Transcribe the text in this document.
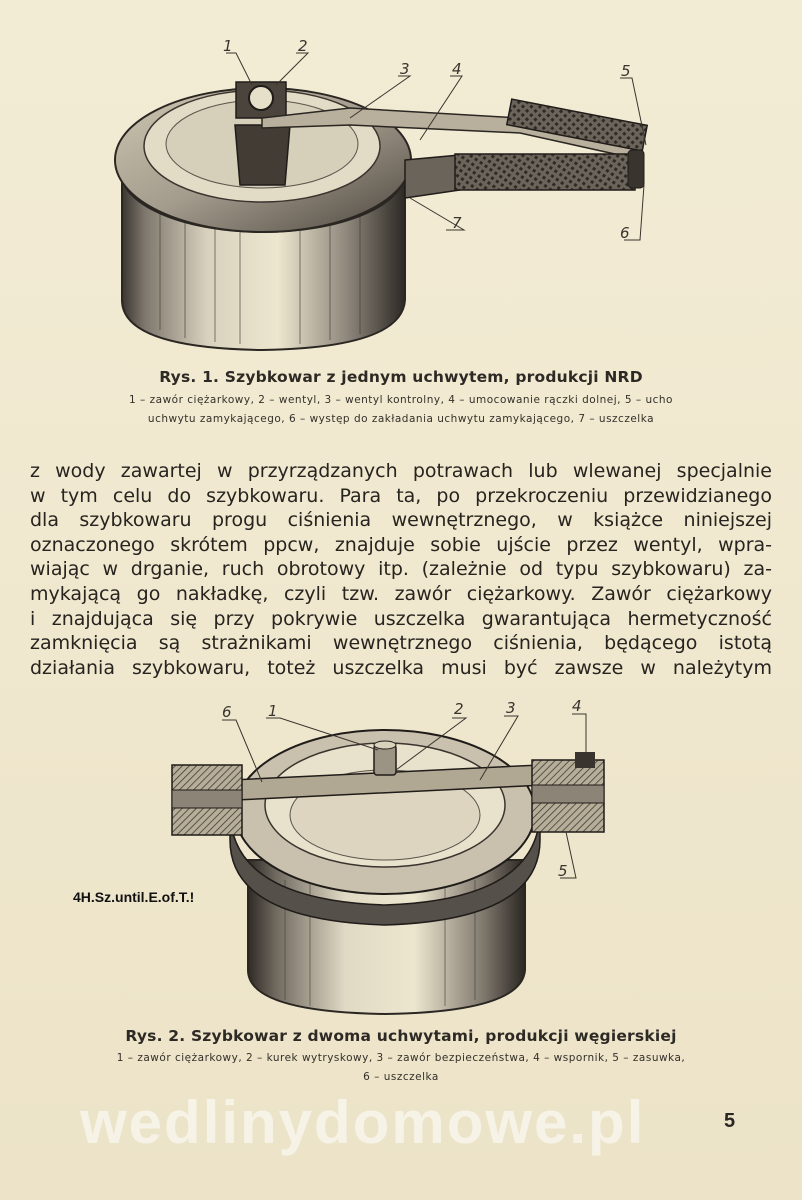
1	2
3	4	5
6
7
Rys. 1. Szybkowar z jednym uchwytem, produkcji NRD
1 – zawór ciężarkowy, 2 – wentyl, 3 – wentyl kontrolny, 4 – umocowanie rączki dolnej, 5 – ucho
uchwytu zamykającego, 6 – występ do zakładania uchwytu zamykającego, 7 – uszczelka
z wody zawartej w przyrządzanych potrawach lub wlewanej specjalnie
w tym celu do szybkowaru. Para ta, po przekroczeniu przewidzianego
dla szybkowaru progu ciśnienia wewnętrznego, w książce niniejszej
oznaczonego skrótem ppcw, znajduje sobie ujście przez wentyl, wpra-
wiając w drganie, ruch obrotowy itp. (zależnie od typu szybkowaru) za-
mykającą go nakładkę, czyli tzw. zawór ciężarkowy. Zawór ciężarkowy
i znajdująca się przy pokrywie uszczelka gwarantująca hermetyczność
zamknięcia są strażnikami wewnętrznego ciśnienia, będącego istotą
działania szybkowaru, toteż uszczelka musi być zawsze w należytym
6 1	2	3	4
5
4H.Sz.until.E.of.T.!
Rys. 2. Szybkowar z dwoma uchwytami, produkcji węgierskiej
1 – zawór ciężarkowy, 2 – kurek wytryskowy, 3 – zawór bezpieczeństwa, 4 – wspornik, 5 – zasuwka,
6 – uszczelka
wedlinydomowe.pl	5
